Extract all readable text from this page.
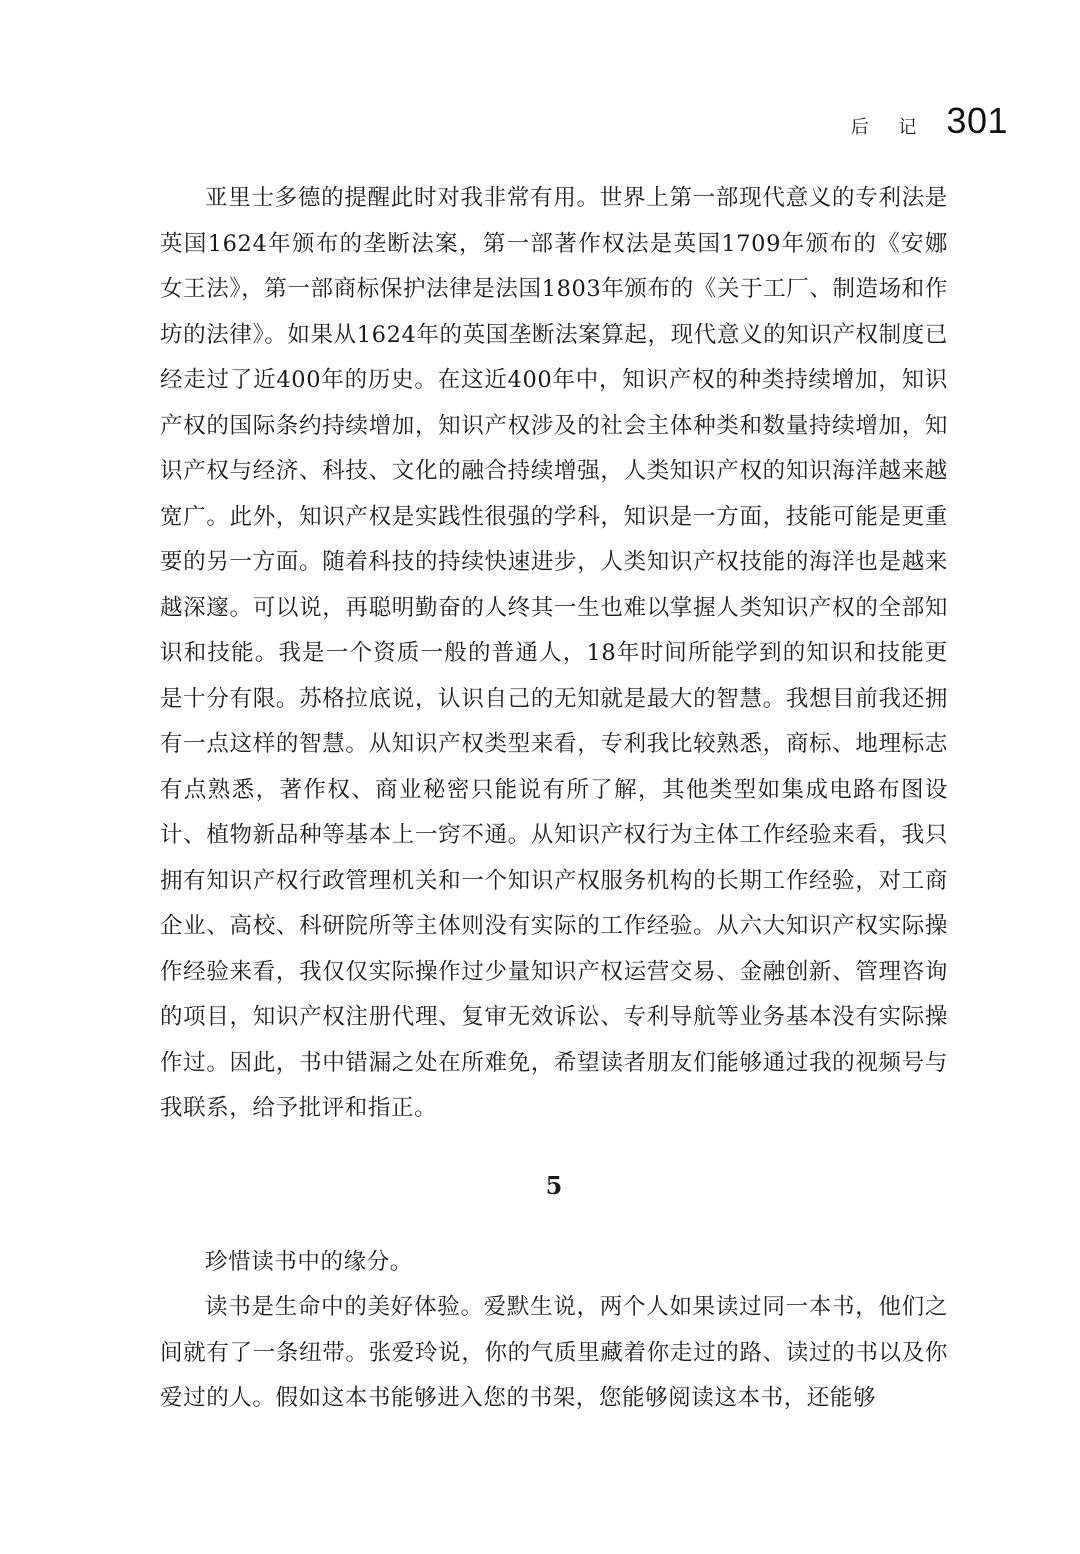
后 记 301

亚里士多德的提醒此时对我非常有用。世界上第一部现代意义的专利法是英国1624年颁布的垄断法案，第一部著作权法是英国1709年颁布的《安娜女王法》，第一部商标保护法律是法国1803年颁布的《关于工厂、制造场和作坊的法律》。如果从1624年的英国垄断法案算起，现代意义的知识产权制度已经走过了近400年的历史。在这近400年中，知识产权的种类持续增加，知识产权的国际条约持续增加，知识产权涉及的社会主体种类和数量持续增加，知识产权与经济、科技、文化的融合持续增强，人类知识产权的知识海洋越来越宽广。此外，知识产权是实践性很强的学科，知识是一方面，技能可能是更重要的另一方面。随着科技的持续快速进步，人类知识产权技能的海洋也是越来越深邃。可以说，再聪明勤奋的人终其一生也难以掌握人类知识产权的全部知识和技能。我是一个资质一般的普通人，18年时间所能学到的知识和技能更是十分有限。苏格拉底说，认识自己的无知就是最大的智慧。我想目前我还拥有一点这样的智慧。从知识产权类型来看，专利我比较熟悉，商标、地理标志有点熟悉，著作权、商业秘密只能说有所了解，其他类型如集成电路布图设计、植物新品种等基本上一窍不通。从知识产权行为主体工作经验来看，我只拥有知识产权行政管理机关和一个知识产权服务机构的长期工作经验，对工商企业、高校、科研院所等主体则没有实际的工作经验。从六大知识产权实际操作经验来看，我仅仅实际操作过少量知识产权运营交易、金融创新、管理咨询的项目，知识产权注册代理、复审无效诉讼、专利导航等业务基本没有实际操作过。因此，书中错漏之处在所难免，希望读者朋友们能够通过我的视频号与我联系，给予批评和指正。

5

珍惜读书中的缘分。

读书是生命中的美好体验。爱默生说，两个人如果读过同一本书，他们之间就有了一条纽带。张爱玲说，你的气质里藏着你走过的路、读过的书以及你爱过的人。假如这本书能够进入您的书架，您能够阅读这本书，还能够
